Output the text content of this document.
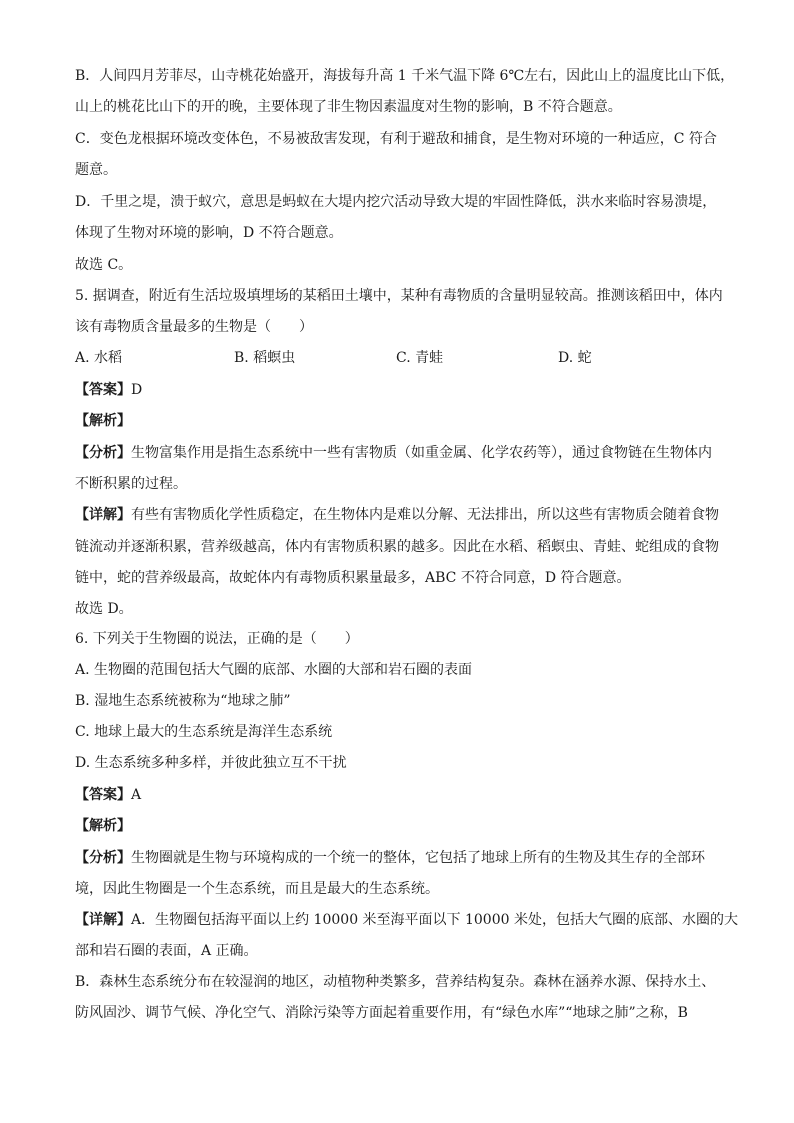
B．人间四月芳菲尽，山寺桃花始盛开，海拔每升高 1 千米气温下降 6℃左右，因此山上的温度比山下低，
山上的桃花比山下的开的晚，主要体现了非生物因素温度对生物的影响，B 不符合题意。
C．变色龙根据环境改变体色，不易被敌害发现，有利于避敌和捕食，是生物对环境的一种适应，C 符合
题意。
D．千里之堤，溃于蚁穴，意思是蚂蚁在大堤内挖穴活动导致大堤的牢固性降低，洪水来临时容易溃堤，
体现了生物对环境的影响，D 不符合题意。
故选 C。
5. 据调查，附近有生活垃圾填埋场的某稻田土壤中，某种有毒物质的含量明显较高。推测该稻田中，体内
该有毒物质含量最多的生物是（　　）
A. 水稻	B. 稻螟虫	C. 青蛙	D. 蛇
【答案】D
【解析】
【分析】生物富集作用是指生态系统中一些有害物质（如重金属、化学农药等），通过食物链在生物体内
不断积累的过程。
【详解】有些有害物质化学性质稳定，在生物体内是难以分解、无法排出，所以这些有害物质会随着食物
链流动并逐渐积累，营养级越高，体内有害物质积累的越多。因此在水稻、稻螟虫、青蛙、蛇组成的食物
链中，蛇的营养级最高，故蛇体内有毒物质积累量最多，ABC 不符合同意，D 符合题意。
故选 D。
6. 下列关于生物圈的说法，正确的是（　　）
A. 生物圈的范围包括大气圈的底部、水圈的大部和岩石圈的表面
B. 湿地生态系统被称为“地球之肺”
C. 地球上最大的生态系统是海洋生态系统
D. 生态系统多种多样，并彼此独立互不干扰
【答案】A
【解析】
【分析】生物圈就是生物与环境构成的一个统一的整体，它包括了地球上所有的生物及其生存的全部环
境，因此生物圈是一个生态系统，而且是最大的生态系统。
【详解】A．生物圈包括海平面以上约 10000 米至海平面以下 10000 米处，包括大气圈的底部、水圈的大
部和岩石圈的表面，A 正确。
B．森林生态系统分布在较湿润的地区，动植物种类繁多，营养结构复杂。森林在涵养水源、保持水土、
防风固沙、调节气候、净化空气、消除污染等方面起着重要作用，有“绿色水库”“地球之肺”之称，B
